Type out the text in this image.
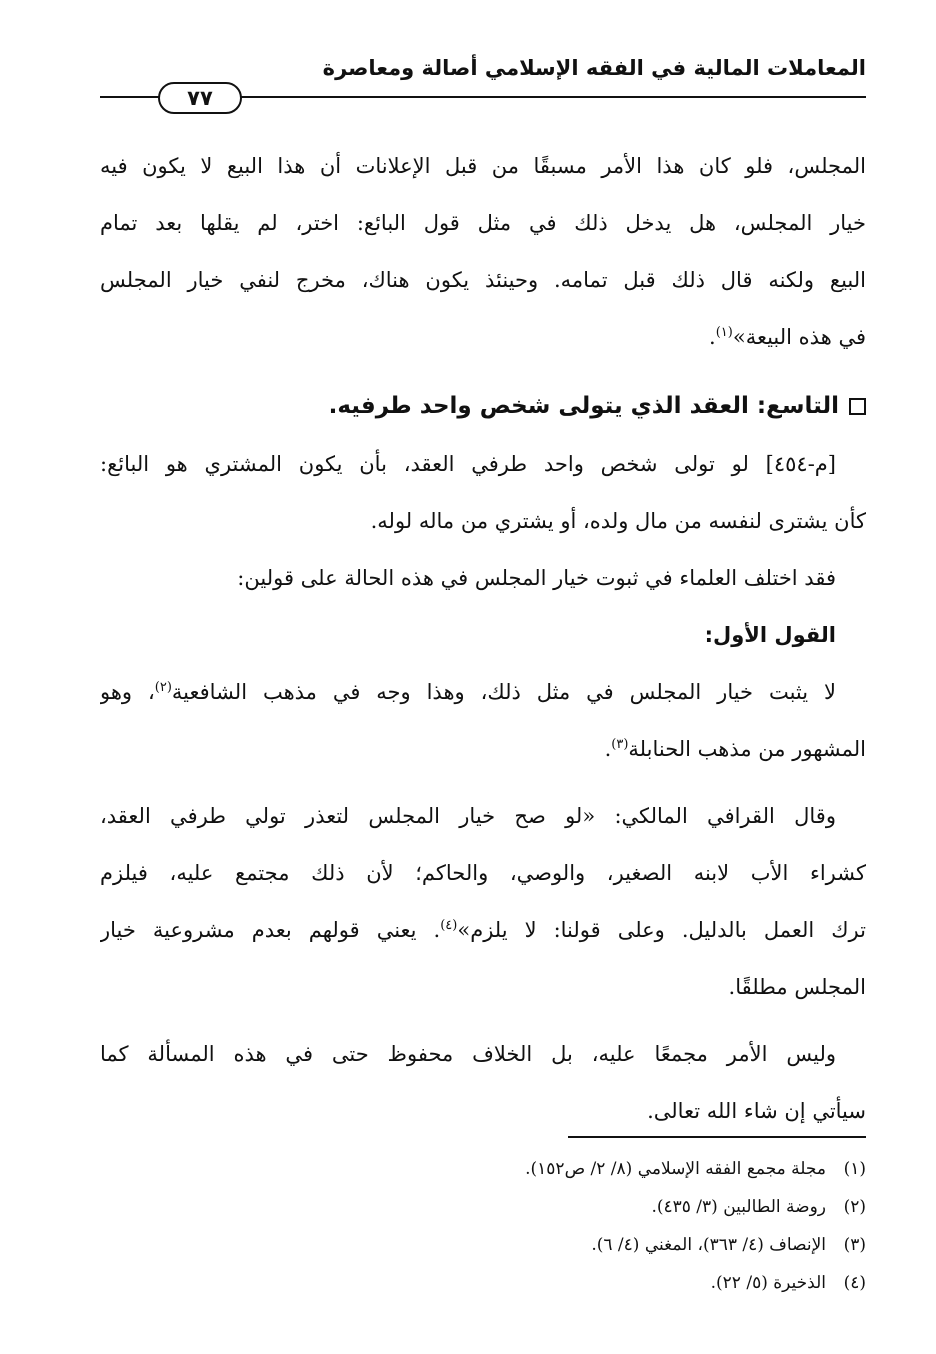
المعاملات المالية في الفقه الإسلامي أصالة ومعاصرة
٧٧
المجلس، فلو كان هذا الأمر مسبقًا من قبل الإعلانات أن هذا البيع لا يكون فيه
خيار المجلس، هل يدخل ذلك في مثل قول البائع: اختر، لم يقلها بعد تمام
البيع ولكنه قال ذلك قبل تمامه. وحينئذ يكون هناك، مخرج لنفي خيار المجلس
في هذه البيعة»$^{(١)}$.
التاسع: العقد الذي يتولى شخص واحد طرفيه.
[م-٤٥٤] لو تولى شخص واحد طرفي العقد، بأن يكون المشتري هو البائع:
كأن يشترى لنفسه من مال ولده، أو يشتري من ماله لوله.
فقد اختلف العلماء في ثبوت خيار المجلس في هذه الحالة على قولين:
القول الأول:
لا يثبت خيار المجلس في مثل ذلك، وهذا وجه في مذهب الشافعية$^{(٢)}$، وهو
المشهور من مذهب الحنابلة$^{(٣)}$.
وقال القرافي المالكي: «لو صح خيار المجلس لتعذر تولي طرفي العقد،
كشراء الأب لابنه الصغير، والوصي، والحاكم؛ لأن ذلك مجتمع عليه، فيلزم
ترك العمل بالدليل. وعلى قولنا: لا يلزم»$^{(٤)}$. يعني قولهم بعدم مشروعية خيار
المجلس مطلقًا.
وليس الأمر مجمعًا عليه، بل الخلاف محفوظ حتى في هذه المسألة كما
سيأتي إن شاء الله تعالى.
(١)مجلة مجمع الفقه الإسلامي (٨/ ٢/ ص١٥٢).
(٢)روضة الطالبين (٣/ ٤٣٥).
(٣)الإنصاف (٤/ ٣٦٣)، المغني (٤/ ٦).
(٤)الذخيرة (٥/ ٢٢).
